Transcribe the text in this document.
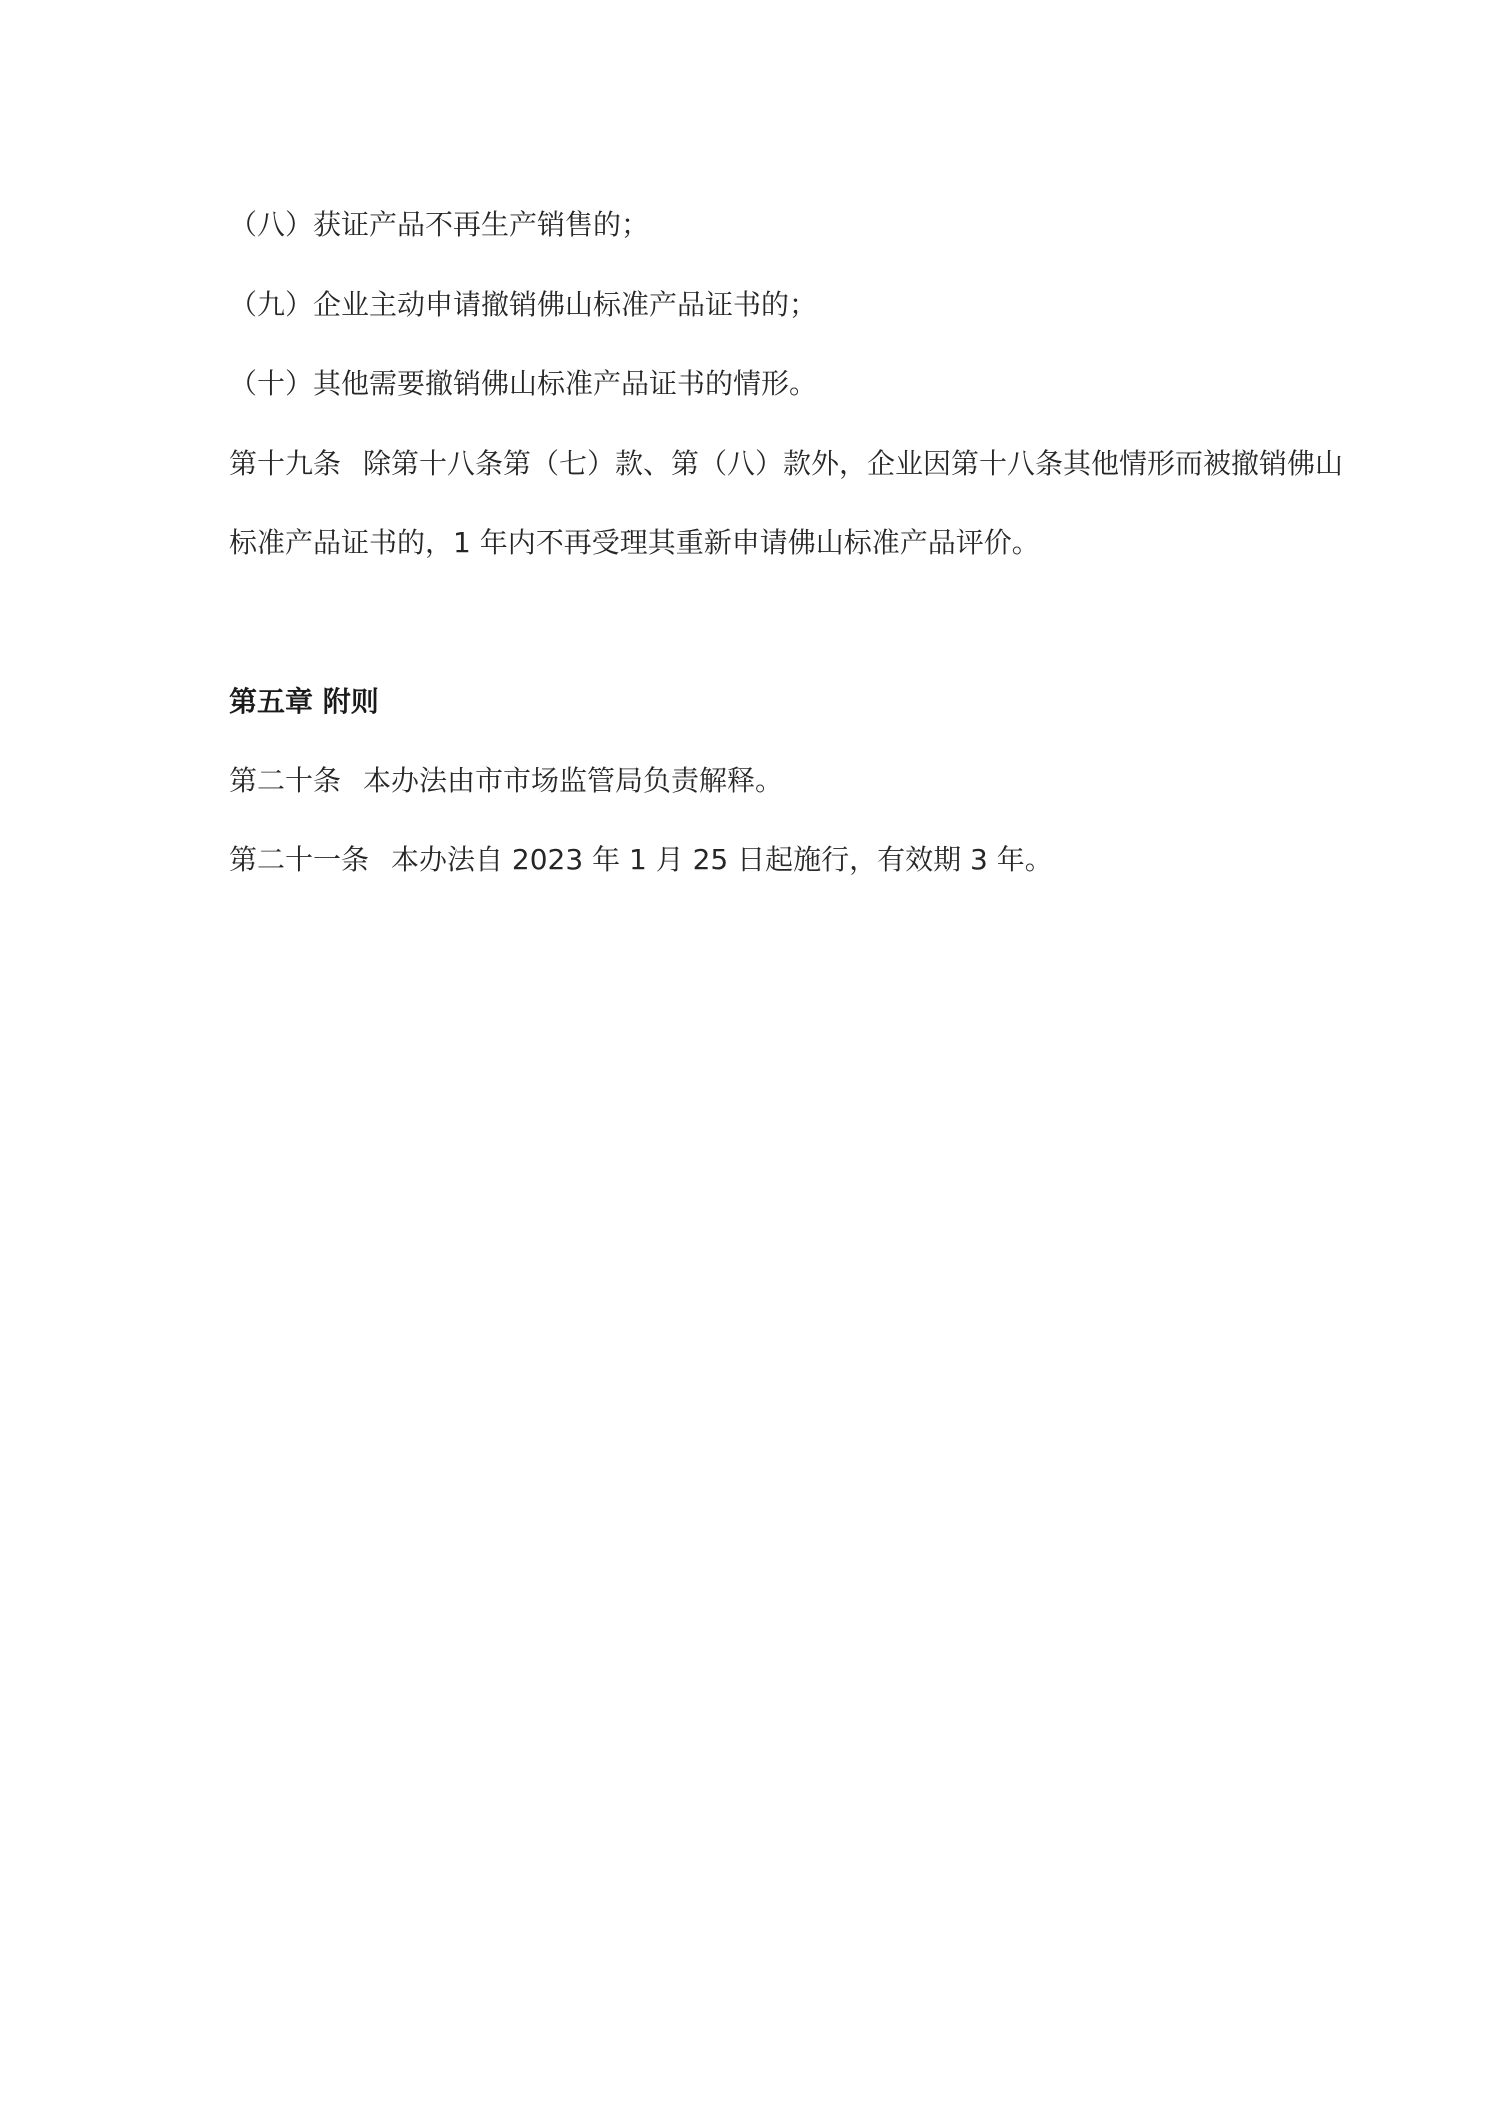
（八）获证产品不再生产销售的；
（九）企业主动申请撤销佛山标准产品证书的；
（十）其他需要撤销佛山标准产品证书的情形。
第十九条 除第十八条第（七）款、第（八）款外，企业因第十八条其他情形而被撤销佛山
标准产品证书的，1 年内不再受理其重新申请佛山标准产品评价。
第五章 附则
第二十条 本办法由市市场监管局负责解释。
第二十一条 本办法自 2023 年 1 月 25 日起施行，有效期 3 年。
